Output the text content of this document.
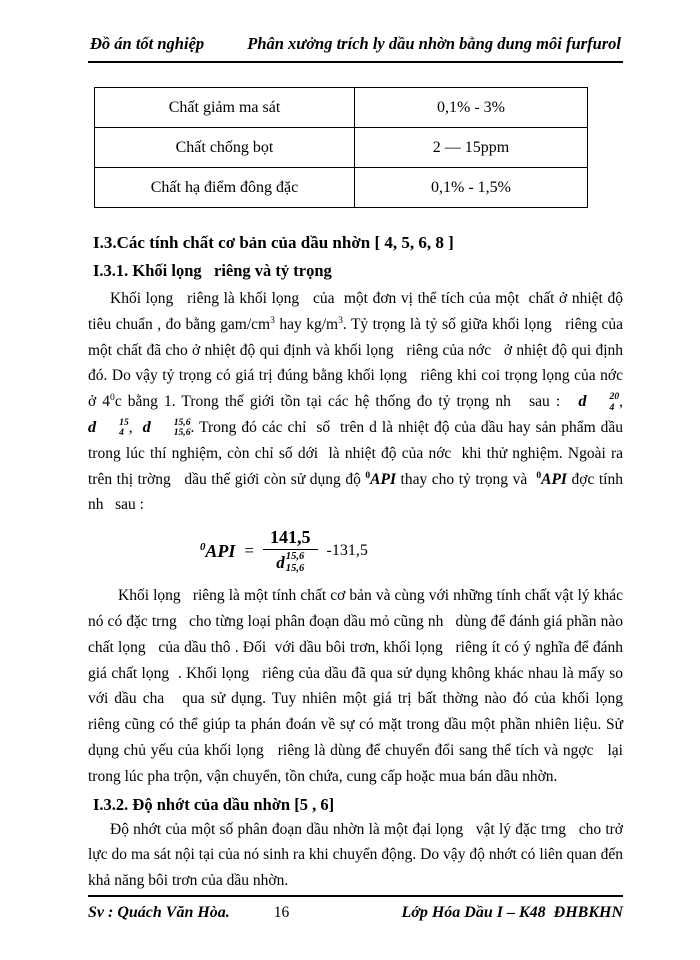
Đồ án tốt nghiệp	Phân xưởng trích ly dầu nhờn bằng dung môi furfurol
Chất giảm ma sát	0,1% - 3%
Chất chống bọt	2 — 15ppm
Chất hạ điểm đông đặc	0,1% - 1,5%
I.3.Các tính chất cơ bản của dầu nhờn [ 4, 5, 6, 8 ]
I.3.1. Khối lọng   riêng và tỷ trọng

Khối lọng   riêng là khối lọng   của  một đơn vị thể tích của một  chất ở nhiệt độ tiêu chuẩn , đo bằng gam/$cm^3$ hay $kg/m^3$. Tỷ trọng là tỷ số giữa khối lọng   riêng của một chất đã cho ở nhiệt độ qui định và khối lọng   riêng của nớc   ở nhiệt độ qui định đó. Do vậy tỷ trọng có giá trị đúng bằng khối lọng   riêng khi coi trọng lọng của nớc   ở $4^0c$ bằng 1. Trong thế giới tồn tại các hệ thống đo tỷ trọng nh   sau :   d	20
4 ,  d	15
4 ,  d	15,6
15,6 . Trong đó các chỉ  số  trên d là nhiệt độ của dầu hay sản phẩm dầu trong lúc thí nghiệm, còn chỉ số dới  là nhiệt độ của nớc  khi thử nghiệm. Ngoài ra trên thị trờng   dầu thế giới còn sử dụng độ $^0$API thay cho tỷ trọng và  $^0$API đợc tính nh   sau :

$^0$API = 141,5
d 15,6
15,6 -131,5

Khối lọng   riêng là một tính chất cơ bản và cùng với những tính chất vật lý khác nó có đặc trng   cho từng loại phân đoạn dầu mỏ cũng nh   dùng để đánh giá phần nào chất lọng   của dầu thô . Đối  với dầu bôi trơn, khối lọng   riêng ít có ý nghĩa để đánh giá chất lọng  . Khối lọng   riêng của dầu đã qua sử dụng không khác nhau là mấy so với dầu cha   qua sử dụng. Tuy nhiên một giá trị bất thờng nào đó của khối lọng   riêng cũng có thể giúp ta phán đoán về sự có mặt trong dầu một phần nhiên liệu. Sử dụng chủ yếu của khối lọng   riêng là dùng để chuyển đổi sang thể tích và ngợc   lại trong lúc pha trộn, vận chuyển, tồn chứa, cung cấp hoặc mua bán dầu nhờn.

I.3.2. Độ nhớt của dầu nhờn [5 , 6]

Độ nhớt của một số phân đoạn dầu nhờn là một đại lọng   vật lý đặc trng   cho trở lực do ma sát nội tại của nó sinh ra khi chuyển động. Do vậy độ nhớt có liên quan đến khả năng bôi trơn của dầu nhờn.

Sv : Quách Văn Hòa.	16	Lớp Hóa Dầu I – K48  ĐHBKHN
